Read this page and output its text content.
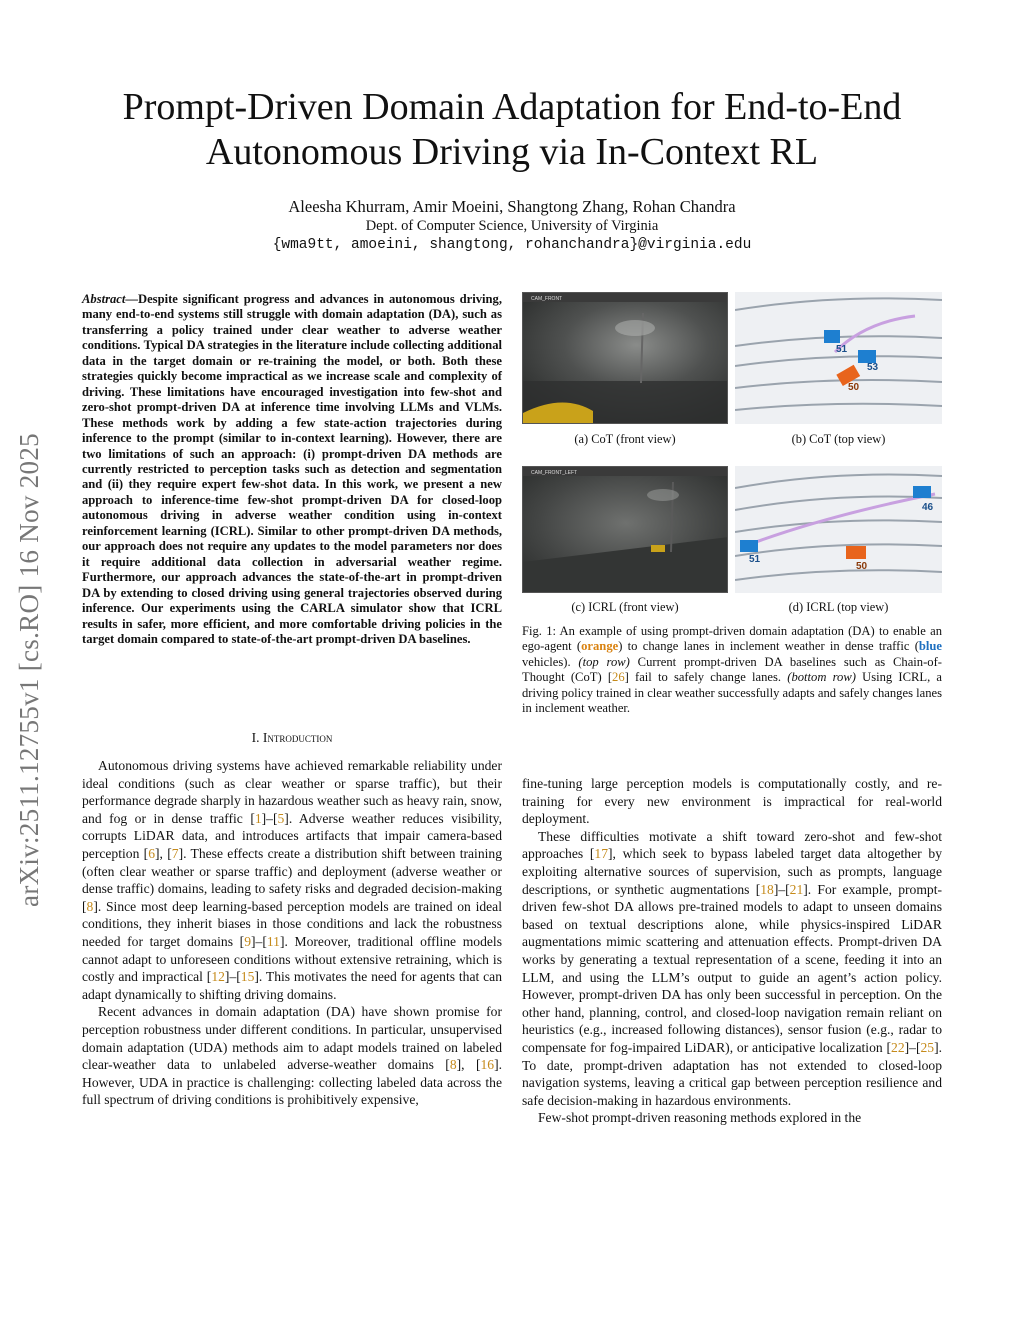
arXiv:2511.12755v1 [cs.RO] 16 Nov 2025
Prompt-Driven Domain Adaptation for End-to-End
Autonomous Driving via In-Context RL
Aleesha Khurram, Amir Moeini, Shangtong Zhang, Rohan Chandra
Dept. of Computer Science, University of Virginia
{wma9tt, amoeini, shangtong, rohanchandra}@virginia.edu
Abstract—Despite significant progress and advances in autonomous driving, many end-to-end systems still struggle with domain adaptation (DA), such as transferring a policy trained under clear weather to adverse weather conditions. Typical DA strategies in the literature include collecting additional data in the target domain or re-training the model, or both. Both these strategies quickly become impractical as we increase scale and complexity of driving. These limitations have encouraged investigation into few-shot and zero-shot prompt-driven DA at inference time involving LLMs and VLMs. These methods work by adding a few state-action trajectories during inference to the prompt (similar to in-context learning). However, there are two limitations of such an approach: (i) prompt-driven DA methods are currently restricted to perception tasks such as detection and segmentation and (ii) they require expert few-shot data. In this work, we present a new approach to inference-time few-shot prompt-driven DA for closed-loop autonomous driving in adverse weather condition using in-context reinforcement learning (ICRL). Similar to other prompt-driven DA methods, our approach does not require any updates to the model parameters nor does it require additional data collection in adversarial weather regime. Furthermore, our approach advances the state-of-the-art in prompt-driven DA by extending to closed driving using general trajectories observed during inference. Our experiments using the CARLA simulator show that ICRL results in safer, more efficient, and more comfortable driving policies in the target domain compared to state-of-the-art prompt-driven DA baselines.
I. Introduction

Autonomous driving systems have achieved remarkable reliability under ideal conditions (such as clear weather or sparse traffic), but their performance degrade sharply in hazardous weather such as heavy rain, snow, and fog or in dense traffic [1]–[5]. Adverse weather reduces visibility, corrupts LiDAR data, and introduces artifacts that impair camera-based perception [6], [7]. These effects create a distribution shift between training (often clear weather or sparse traffic) and deployment (adverse weather or dense traffic) domains, leading to safety risks and degraded decision-making [8]. Since most deep learning-based perception models are trained on ideal conditions, they inherit biases in those conditions and lack the robustness needed for target domains [9]–[11]. Moreover, traditional offline models cannot adapt to unforeseen conditions without extensive retraining, which is costly and impractical [12]–[15]. This motivates the need for agents that can adapt dynamically to shifting driving domains.

Recent advances in domain adaptation (DA) have shown promise for perception robustness under different conditions. In particular, unsupervised domain adaptation (UDA) methods aim to adapt models trained on labeled clear-weather data to unlabeled adverse-weather domains [8], [16]. However, UDA in practice is challenging: collecting labeled data across the full spectrum of driving conditions is prohibitively expensive,

CAM_FRONT
51
53
50
(a) CoT (front view)	(b) CoT (top view)
CAM_FRONT_LEFT
46
51
50
(c) ICRL (front view)	(d) ICRL (top view)
Fig. 1: An example of using prompt-driven domain adaptation (DA) to enable an ego-agent (orange) to change lanes in inclement weather in dense traffic (blue vehicles). (top row) Current prompt-driven DA baselines such as Chain-of-Thought (CoT) [26] fail to safely change lanes. (bottom row) Using ICRL, a driving policy trained in clear weather successfully adapts and safely changes lanes in inclement weather.

fine-tuning large perception models is computationally costly, and re-training for every new environment is impractical for real-world deployment.

These difficulties motivate a shift toward zero-shot and few-shot approaches [17], which seek to bypass labeled target data altogether by exploiting alternative sources of supervision, such as prompts, language descriptions, or synthetic augmentations [18]–[21]. For example, prompt-driven few-shot DA allows pre-trained models to adapt to unseen domains based on textual descriptions alone, while physics-inspired LiDAR augmentations mimic scattering and attenuation effects. Prompt-driven DA works by generating a textual representation of a scene, feeding it into an LLM, and using the LLM’s output to guide an agent’s action policy. However, prompt-driven DA has only been successful in perception. On the other hand, planning, control, and closed-loop navigation remain reliant on heuristics (e.g., increased following distances), sensor fusion (e.g., radar to compensate for fog-impaired LiDAR), or anticipative localization [22]–[25]. To date, prompt-driven adaptation has not extended to closed-loop navigation systems, leaving a critical gap between perception resilience and safe decision-making in hazardous environments.

Few-shot prompt-driven reasoning methods explored in the
